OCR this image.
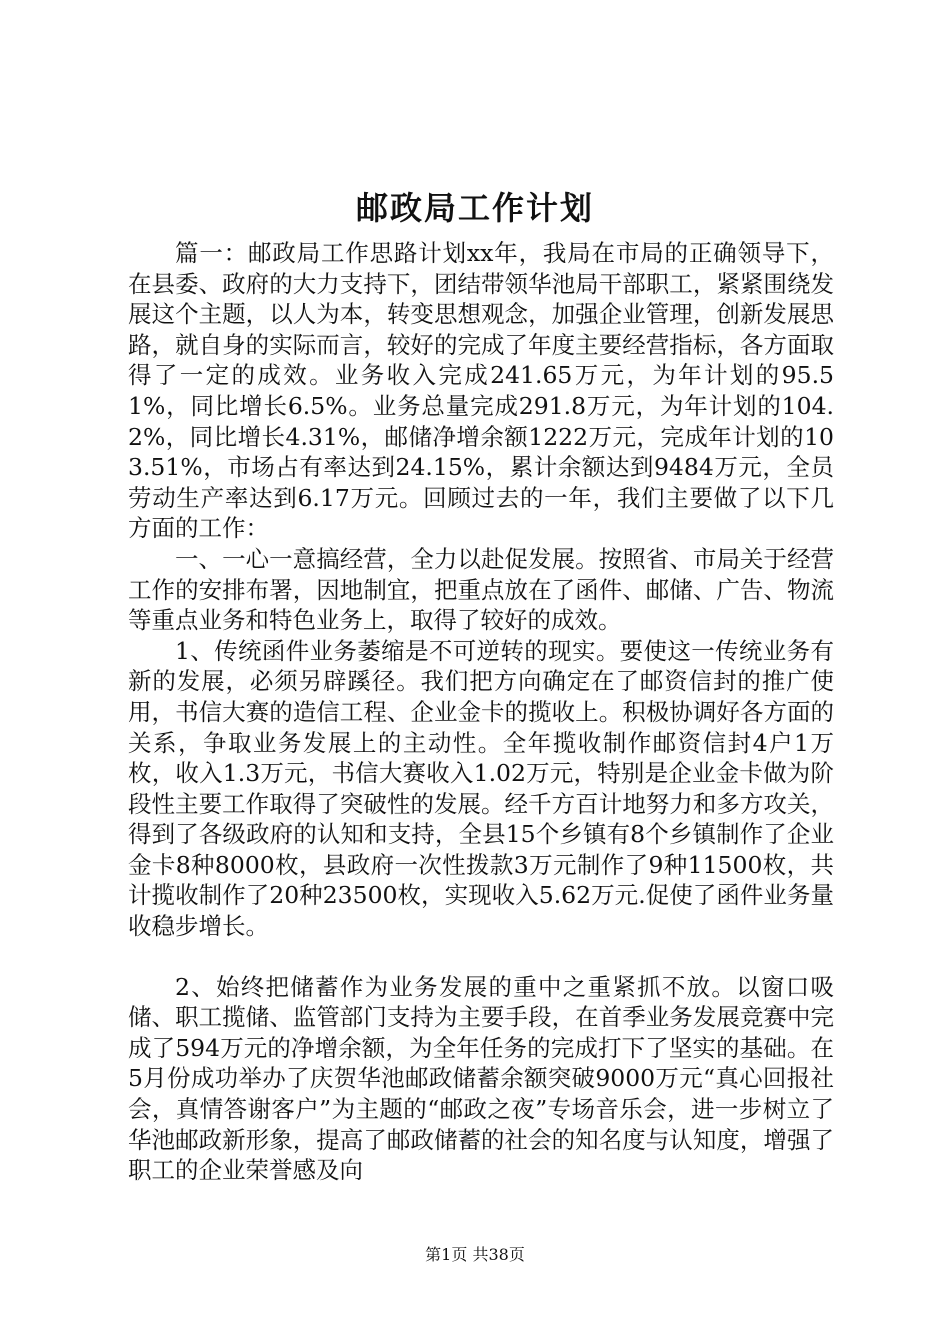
邮政局工作计划

篇一：邮政局工作思路计划xx年，我局在市局的正确领导下，在县委、政府的大力支持下，团结带领华池局干部职工，紧紧围绕发展这个主题，以人为本，转变思想观念，加强企业管理，创新发展思路，就自身的实际而言，较好的完成了年度主要经营指标，各方面取得了一定的成效。业务收入完成241.65万元，为年计划的95.51%，同比增长6.5%。业务总量完成291.8万元，为年计划的104.2%，同比增长4.31%，邮储净增余额1222万元，完成年计划的103.51%，市场占有率达到24.15%，累计余额达到9484万元，全员劳动生产率达到6.17万元。回顾过去的一年，我们主要做了以下几方面的工作：

一、一心一意搞经营，全力以赴促发展。按照省、市局关于经营工作的安排布署，因地制宜，把重点放在了函件、邮储、广告、物流等重点业务和特色业务上，取得了较好的成效。

1、传统函件业务萎缩是不可逆转的现实。要使这一传统业务有新的发展，必须另辟蹊径。我们把方向确定在了邮资信封的推广使用，书信大赛的造信工程、企业金卡的揽收上。积极协调好各方面的关系，争取业务发展上的主动性。全年揽收制作邮资信封4户1万枚，收入1.3万元，书信大赛收入1.02万元，特别是企业金卡做为阶段性主要工作取得了突破性的发展。经千方百计地努力和多方攻关，得到了各级政府的认知和支持，全县15个乡镇有8个乡镇制作了企业金卡8种8000枚，县政府一次性拨款3万元制作了9种11500枚，共计揽收制作了20种23500枚，实现收入5.62万元.促使了函件业务量收稳步增长。

2、始终把储蓄作为业务发展的重中之重紧抓不放。以窗口吸储、职工揽储、监管部门支持为主要手段，在首季业务发展竞赛中完成了594万元的净增余额，为全年任务的完成打下了坚实的基础。在5月份成功举办了庆贺华池邮政储蓄余额突破9000万元“真心回报社会，真情答谢客户”为主题的“邮政之夜”专场音乐会，进一步树立了华池邮政新形象，提高了邮政储蓄的社会的知名度与认知度，增强了职工的企业荣誉感及向

第1页 共38页
